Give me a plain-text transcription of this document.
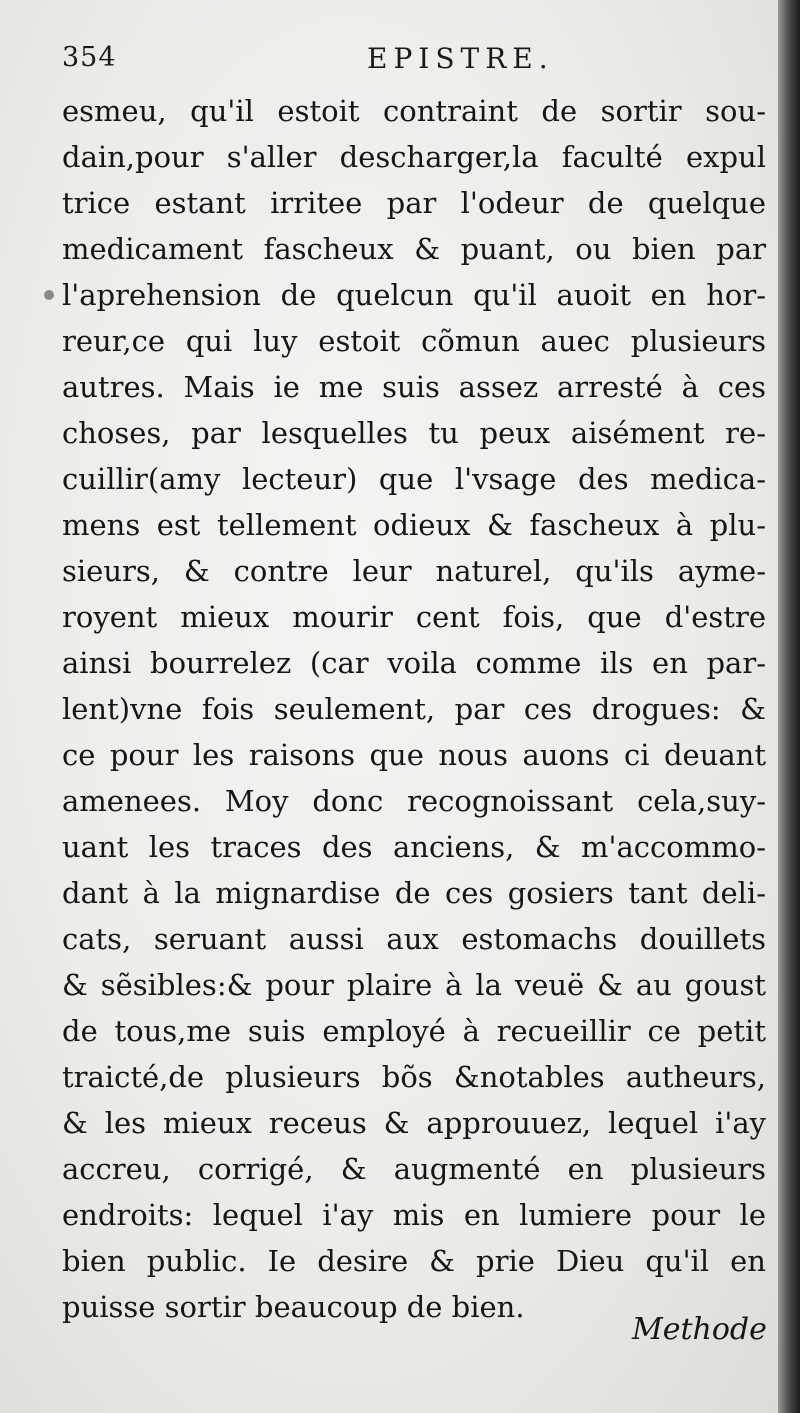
354	EPISTRE.
esmeu, qu'il estoit contraint de sortir sou-
dain,pour s'aller descharger,la faculté expul
trice estant irritee par l'odeur de quelque
medicament fascheux & puant, ou bien par
l'aprehension de quelcun qu'il auoit en hor-
reur,ce qui luy estoit cõmun auec plusieurs
autres. Mais ie me suis assez arresté à ces
choses, par lesquelles tu peux aisément re-
cuillir(amy lecteur) que l'vsage des medica-
mens est tellement odieux & fascheux à plu-
sieurs, & contre leur naturel, qu'ils ayme-
royent mieux mourir cent fois, que d'estre
ainsi bourrelez (car voila comme ils en par-
lent)vne fois seulement, par ces drogues: &
ce pour les raisons que nous auons ci deuant
amenees. Moy donc recognoissant cela,suy-
uant les traces des anciens, & m'accommo-
dant à la mignardise de ces gosiers tant deli-
cats, seruant aussi aux estomachs douillets
& sẽsibles:& pour plaire à la veuë & au goust
de tous,me suis employé à recueillir ce petit
traicté,de plusieurs bõs &notables autheurs,
& les mieux receus & approuuez, lequel i'ay
accreu, corrigé, & augmenté en plusieurs
endroits: lequel i'ay mis en lumiere pour le
bien public. Ie desire & prie Dieu qu'il en
puisse sortir beaucoup de bien.
Methode
